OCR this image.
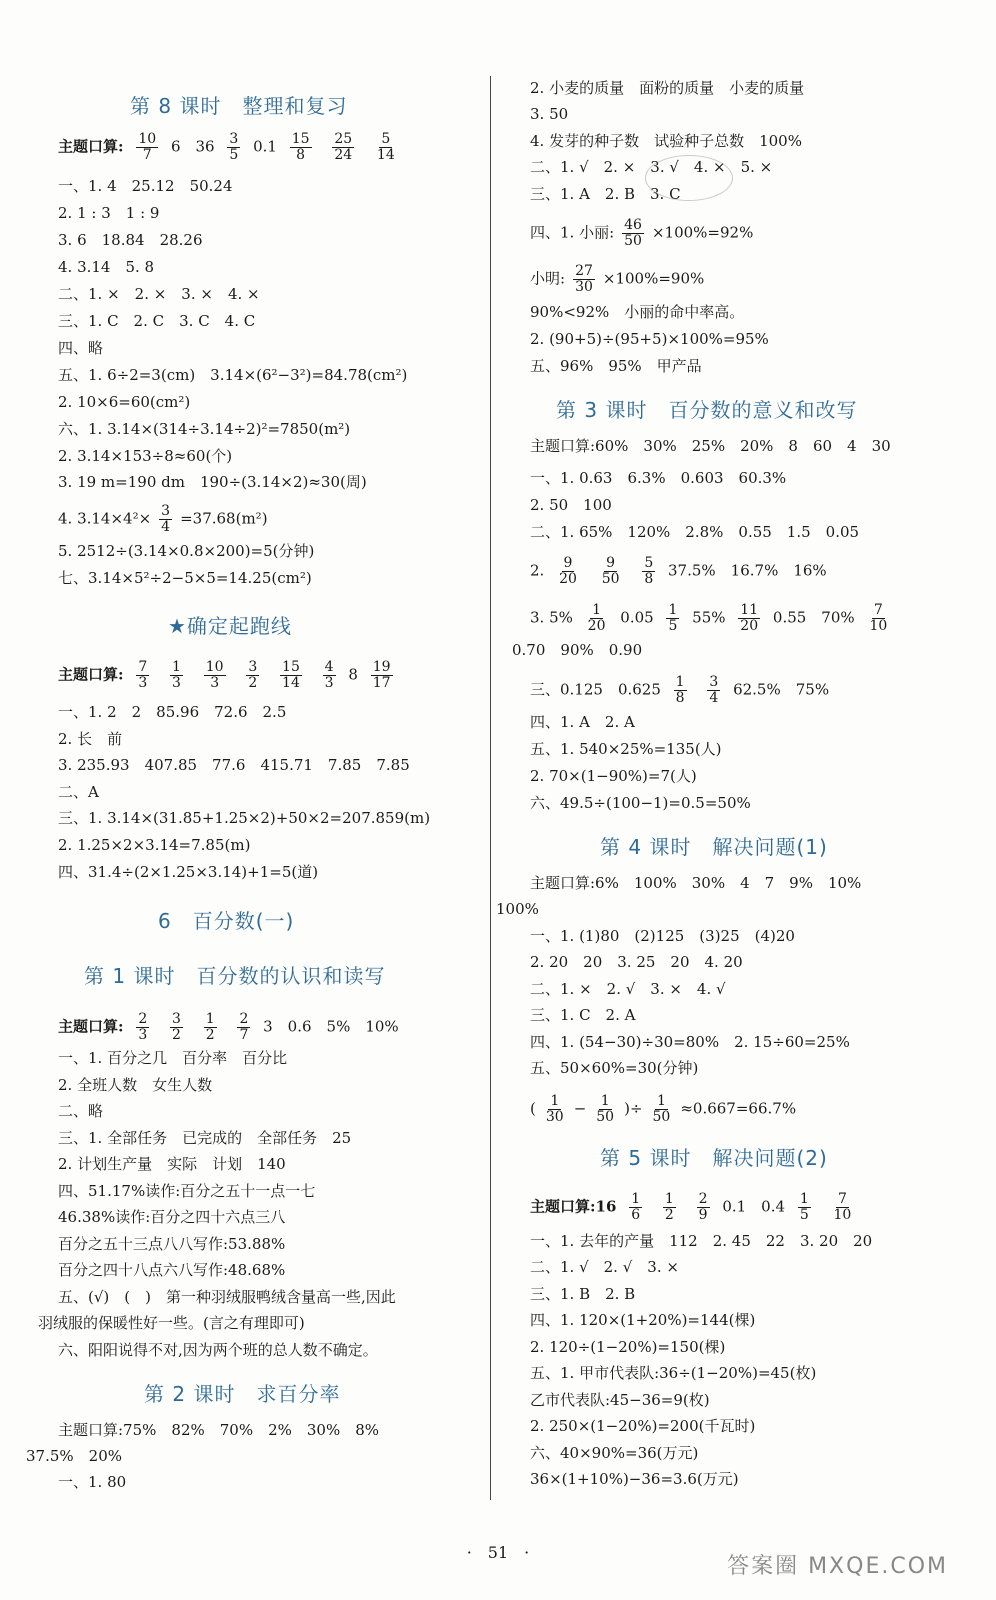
第 8 课时　整理和复习
主题口算: $\frac{10}{7} 6$　$36 \frac{3}{5} 0.1 \frac{15}{8}$
$\frac{25}{24}$
$\frac{5}{14}$
一、1. 4　25.12　50.24
2. 1 : 3　1 : 9
3. 6　18.84　28.26
4. 3.14　5. 8
二、1. ×　2. ×　3. ×　4. ×
三、1. C　2. C　3. C　4. C
四、略
五、1. 6÷2=3(cm)　3.14×(6²−3²)=84.78(cm²)
2. 10×6=60(cm²)
六、1. 3.14×(314÷3.14÷2)²=7850(m²)
2. 3.14×153÷8≈60(个)
3. 19 m=190 dm　190÷(3.14×2)≈30(周)
4. $3.14\times 4^2\times \frac{3}{4} =37.68(m^2)$
5. 2512÷(3.14×0.8×200)=5(分钟)
七、3.14×5²÷2−5×5=14.25(cm²)
★确定起跑线
主题口算: $\frac{7}{3}$
$\frac{1}{3}$
$\frac{10}{3}$
$\frac{3}{2}$
$\frac{15}{14}$
$\frac{4}{3} 8 \frac{19}{17}$
一、1. 2　2　85.96　72.6　2.5
2. 长　前
3. 235.93　407.85　77.6　415.71　7.85　7.85
二、A
三、1. 3.14×(31.85+1.25×2)+50×2=207.859(m)
2. 1.25×2×3.14=7.85(m)
四、31.4÷(2×1.25×3.14)+1=5(道)
6　百分数(一)
第 1 课时　百分数的认识和读写
主题口算: $\frac{2}{3}$
$\frac{3}{2}$
$\frac{1}{2}$
$\frac{2}{7} 3$　0.6　5%　10%
一、1. 百分之几　百分率　百分比
2. 全班人数　女生人数
二、略
三、1. 全部任务　已完成的　全部任务　25
2. 计划生产量　实际　计划　140
四、51.17%读作:百分之五十一点一七
46.38%读作:百分之四十六点三八
百分之五十三点八八写作:53.88%
百分之四十八点六八写作:48.68%
五、(√)　(　)　第一种羽绒服鸭绒含量高一些,因此
羽绒服的保暖性好一些。(言之有理即可)
六、阳阳说得不对,因为两个班的总人数不确定。
第 2 课时　求百分率
主题口算:75%　82%　70%　2%　30%　8%
37.5%　20%
一、1. 80
2. 小麦的质量　面粉的质量　小麦的质量
3. 50
4. 发芽的种子数　试验种子总数　100%
二、1. √　2. ×　3. √　4. ×　5. ×
三、1. A　2. B　3. C
四、1. 小丽: $\frac{46}{50} \times 100\%=92\%$
小明: $\frac{27}{30} \times 100\%=90\%$
90%<92%　小丽的命中率高。
2. (90+5)÷(95+5)×100%=95%
五、96%　95%　甲产品
第 3 课时　百分数的意义和改写
主题口算:60%　30%　25%　20%　8　60　4　30
一、1. 0.63　6.3%　0.603　60.3%
2. 50　100
二、1. 65%　120%　2.8%　0.55　1.5　0.05
2. $\frac{9}{20}$
$\frac{9}{50}$
$\frac{5}{8} 37.5\%$　16.7%　16%
3. $5\% \frac{1}{20} 0.05 \frac{1}{5} 55\% \frac{11}{20} 0.55$　$70\% \frac{7}{10}$
0.70　90%　0.90
三、0.125　$0.625 \frac{1}{8}$
$\frac{3}{4} 62.5\%$　75%
四、1. A　2. A
五、1. 540×25%=135(人)
2. 70×(1−90%)=7(人)
六、49.5÷(100−1)=0.5=50%
第 4 课时　解决问题(1)
主题口算:6%　100%　30%　4　7　9%　10%
100%
一、1. (1)80　(2)125　(3)25　(4)20
2. 20　20　3. 25　20　4. 20
二、1. ×　2. √　3. ×　4. √
三、1. C　2. A
四、1. (54−30)÷30=80%　2. 15÷60=25%
五、50×60%=30(分钟)
( $\frac{1}{30} - \frac{1}{50}$ )÷ $\frac{1}{50} \approx 0.667=66.7\%$
第 5 课时　解决问题(2)
主题口算:16 $\frac{1}{6}$
$\frac{1}{2}$
$\frac{2}{9} 0.1$　$0.4 \frac{1}{5}$
$\frac{7}{10}$
一、1. 去年的产量　112　2. 45　22　3. 20　20
二、1. √　2. √　3. ×
三、1. B　2. B
四、1. 120×(1+20%)=144(棵)
2. 120÷(1−20%)=150(棵)
五、1. 甲市代表队:36÷(1−20%)=45(枚)
乙市代表队:45−36=9(枚)
2. 250×(1−20%)=200(千瓦时)
六、40×90%=36(万元)
36×(1+10%)−36=3.6(万元)
·　51　·
答案圈 MXQE.COM
